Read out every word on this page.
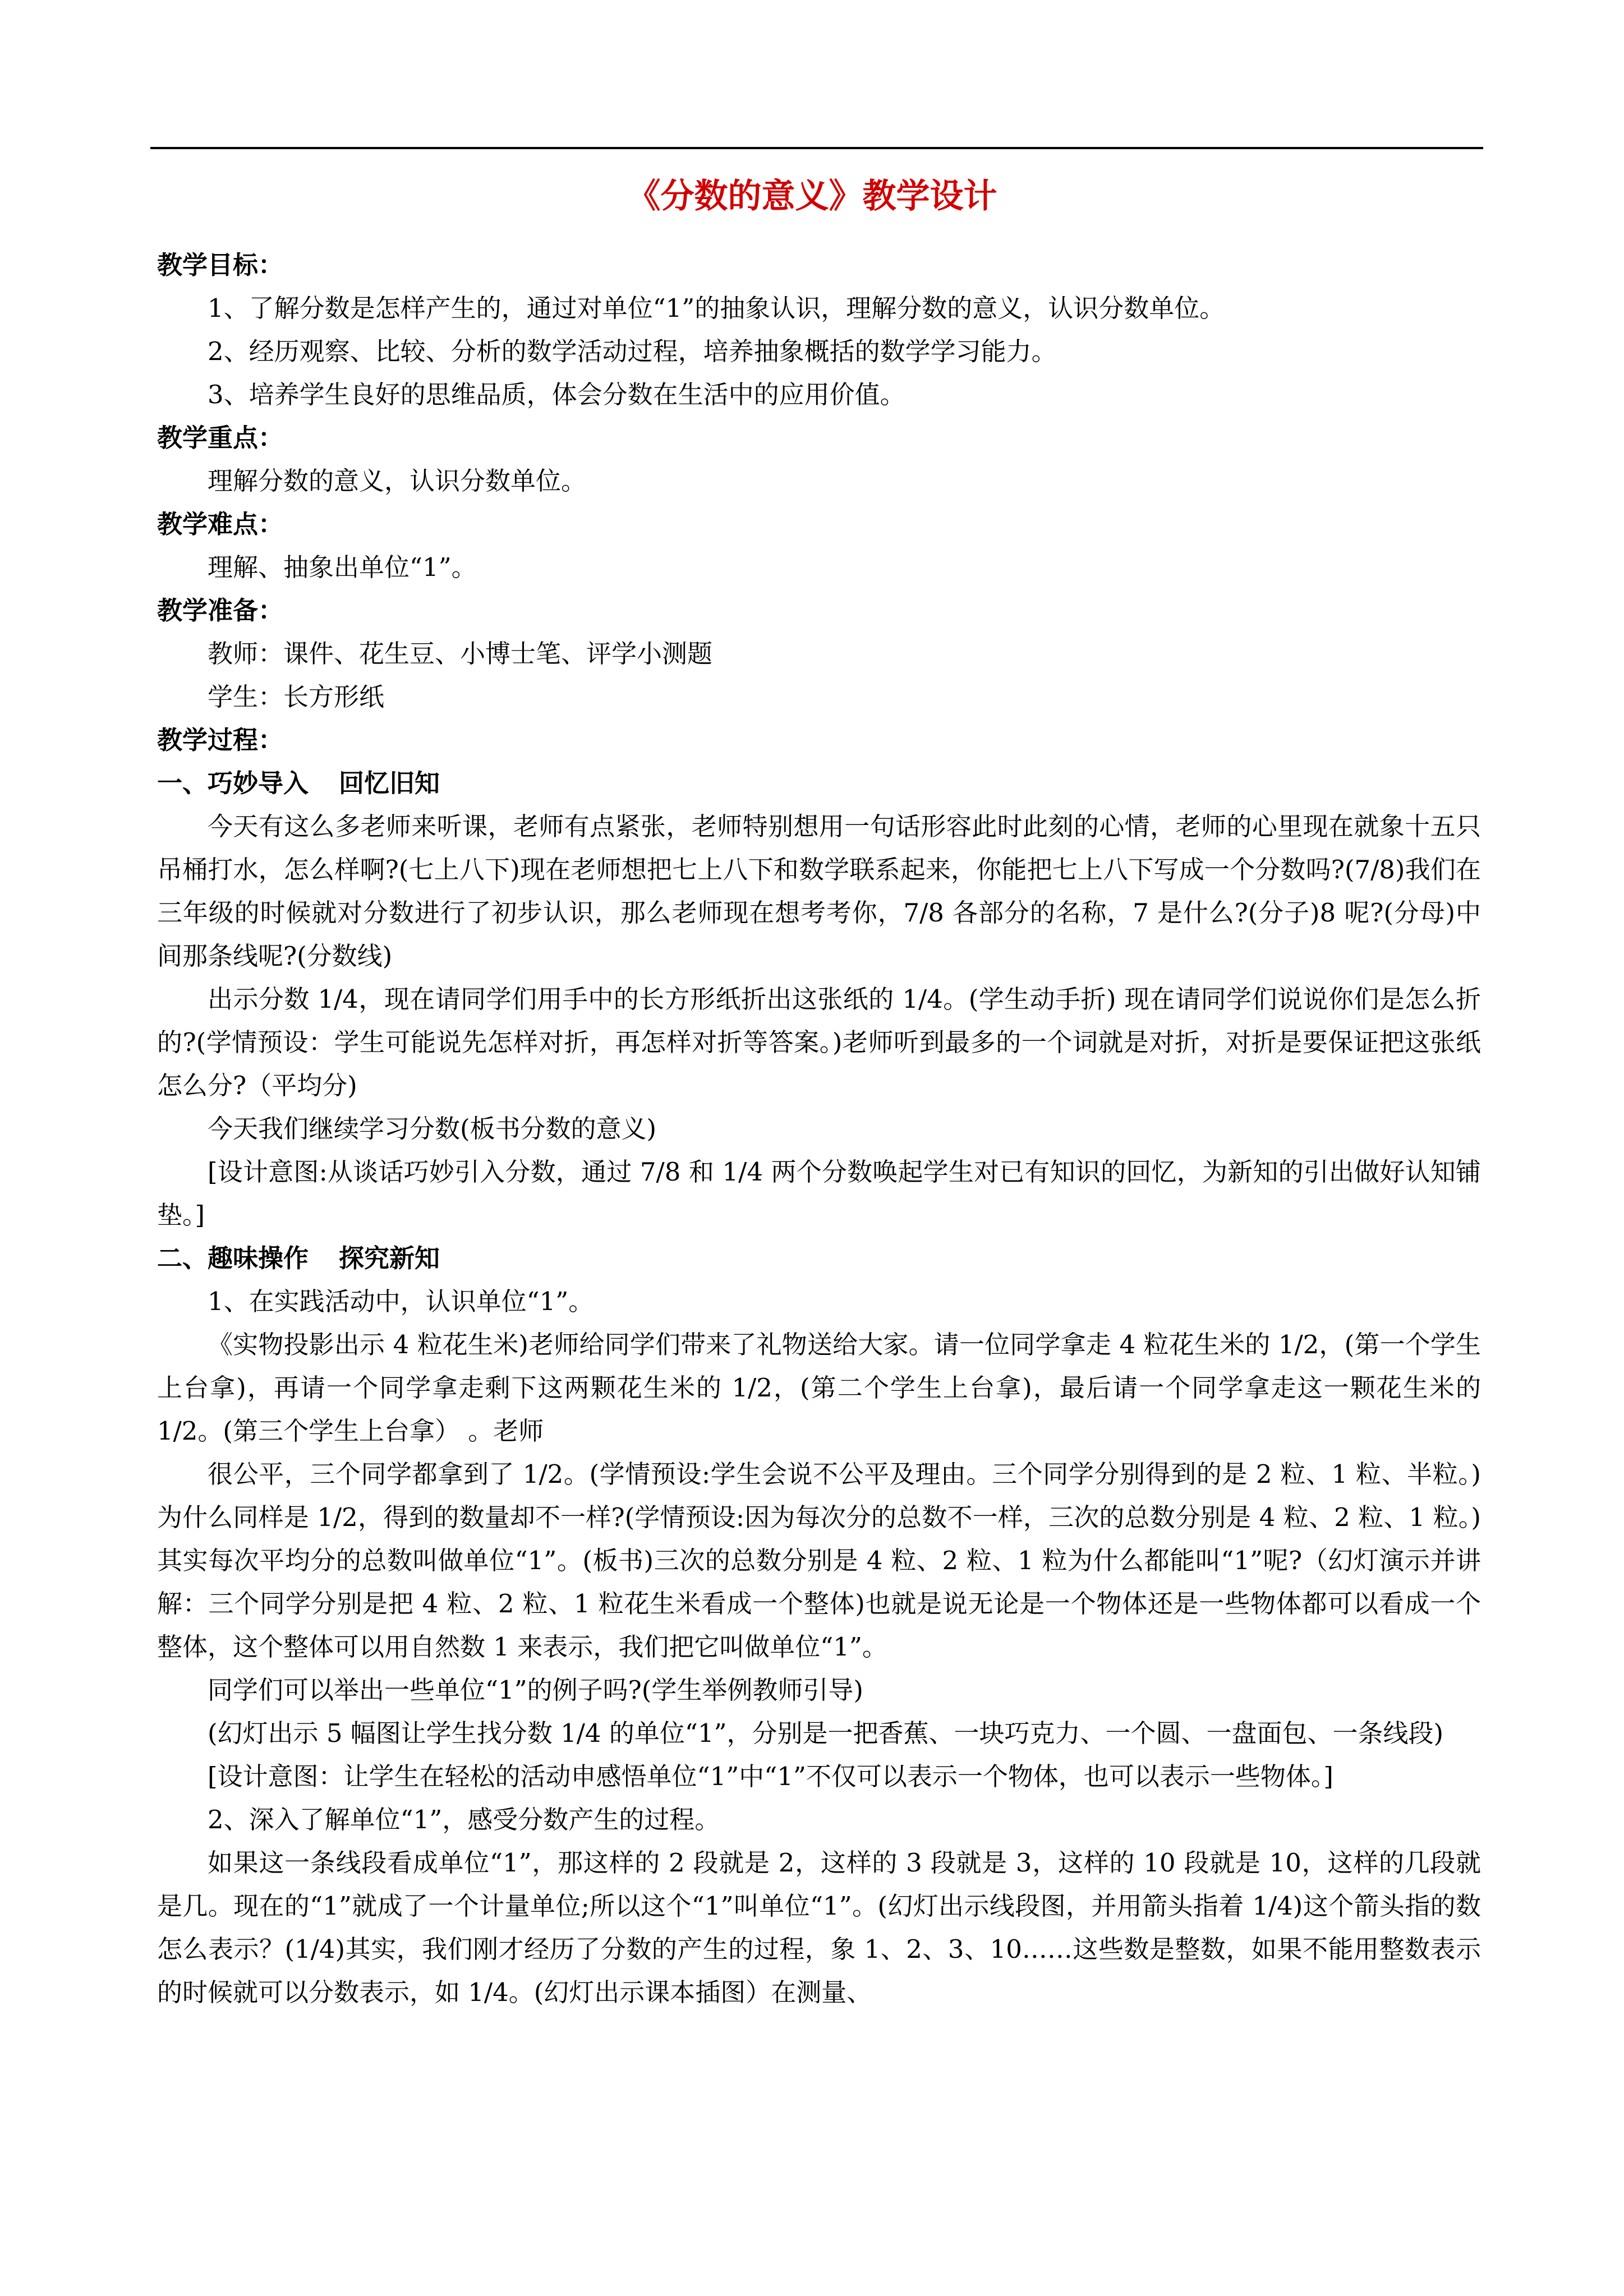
《分数的意义》教学设计

教学目标：

1、了解分数是怎样产生的，通过对单位“1”的抽象认识，理解分数的意义，认识分数单位。

2、经历观察、比较、分析的数学活动过程，培养抽象概括的数学学习能力。

3、培养学生良好的思维品质，体会分数在生活中的应用价值。

教学重点：

理解分数的意义，认识分数单位。

教学难点：

理解、抽象出单位“1”。

教学准备：

教师：课件、花生豆、小博士笔、评学小测题

学生：长方形纸

教学过程：

一、巧妙导入 回忆旧知

今天有这么多老师来听课，老师有点紧张，老师特别想用一句话形容此时此刻的心情，老师的心里现在就象十五只吊桶打水，怎么样啊?(七上八下)现在老师想把七上八下和数学联系起来，你能把七上八下写成一个分数吗?(7/8)我们在三年级的时候就对分数进行了初步认识，那么老师现在想考考你，7/8 各部分的名称，7 是什么?(分子)8 呢?(分母)中间那条线呢?(分数线)

出示分数 1/4，现在请同学们用手中的长方形纸折出这张纸的 1/4。(学生动手折) 现在请同学们说说你们是怎么折的?(学情预设：学生可能说先怎样对折，再怎样对折等答案。)老师听到最多的一个词就是对折，对折是要保证把这张纸怎么分?（平均分)

今天我们继续学习分数(板书分数的意义)

[设计意图:从谈话巧妙引入分数，通过 7/8 和 1/4 两个分数唤起学生对已有知识的回忆，为新知的引出做好认知铺垫。]

二、趣味操作 探究新知

1、在实践活动中，认识单位“1”。

《实物投影出示 4 粒花生米)老师给同学们带来了礼物送给大家。请一位同学拿走 4 粒花生米的 1/2，(第一个学生上台拿)，再请一个同学拿走剩下这两颗花生米的 1/2，(第二个学生上台拿)，最后请一个同学拿走这一颗花生米的 1/2。(第三个学生上台拿） 。老师

很公平，三个同学都拿到了 1/2。(学情预设:学生会说不公平及理由。三个同学分别得到的是 2 粒、1 粒、半粒。)为什么同样是 1/2，得到的数量却不一样?(学情预设:因为每次分的总数不一样，三次的总数分别是 4 粒、2 粒、1 粒。)其实每次平均分的总数叫做单位“1”。(板书)三次的总数分别是 4 粒、2 粒、1 粒为什么都能叫“1”呢?（幻灯演示并讲解：三个同学分别是把 4 粒、2 粒、1 粒花生米看成一个整体)也就是说无论是一个物体还是一些物体都可以看成一个整体，这个整体可以用自然数 1 来表示，我们把它叫做单位“1”。

同学们可以举出一些单位“1”的例子吗?(学生举例教师引导)

(幻灯出示 5 幅图让学生找分数 1/4 的单位“1”，分别是一把香蕉、一块巧克力、一个圆、一盘面包、一条线段)

[设计意图：让学生在轻松的活动申感悟单位“1”中“1”不仅可以表示一个物体，也可以表示一些物体。]

2、深入了解单位“1”，感受分数产生的过程。

如果这一条线段看成单位“1”，那这样的 2 段就是 2，这样的 3 段就是 3，这样的 10 段就是 10，这样的几段就是几。现在的“1”就成了一个计量单位;所以这个“1”叫单位“1”。(幻灯出示线段图，并用箭头指着 1/4)这个箭头指的数怎么表示？(1/4)其实，我们刚才经历了分数的产生的过程，象 1、2、3、10……这些数是整数，如果不能用整数表示的时候就可以分数表示，如 1/4。(幻灯出示课本插图）在测量、
